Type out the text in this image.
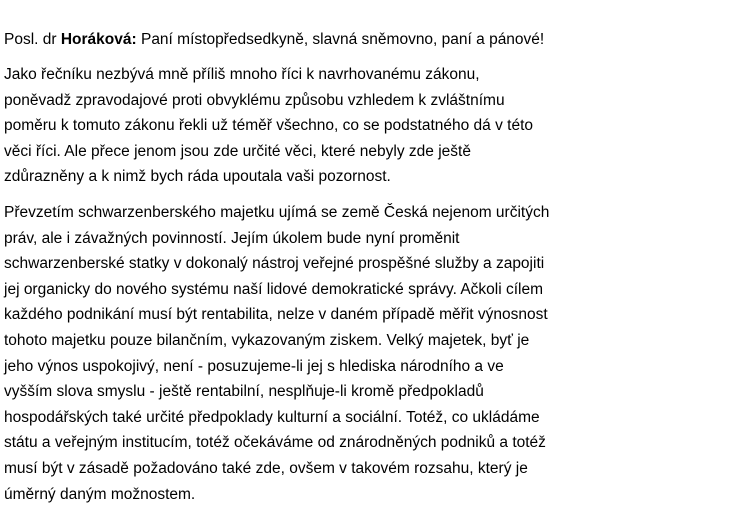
Posl. dr Horáková: Paní místopředsedkyně, slavná sněmovno, paní a pánové!

Jako řečníku nezbývá mně příliš mnoho říci k navrhovanému zákonu,
poněvadž zpravodajové proti obvyklému způsobu vzhledem k zvláštnímu
poměru k tomuto zákonu řekli už téměř všechno, co se podstatného dá v této
věci říci. Ale přece jenom jsou zde určité věci, které nebyly zde ještě
zdůrazněny a k nimž bych ráda upoutala vaši pozornost.

Převzetím schwarzenberského majetku ujímá se země Česká nejenom určitých
práv, ale i závažných povinností. Jejím úkolem bude nyní proměnit
schwarzenberské statky v dokonalý nástroj veřejné prospěšné služby a zapojiti
jej organicky do nového systému naší lidové demokratické správy. Ačkoli cílem
každého podnikání musí být rentabilita, nelze v daném případě měřit výnosnost
tohoto majetku pouze bilančním, vykazovaným ziskem. Velký majetek, byť je
jeho výnos uspokojivý, není - posuzujeme-li jej s hlediska národního a ve
vyšším slova smyslu - ještě rentabilní, nesplňuje-li kromě předpokladů
hospodářských také určité předpoklady kulturní a sociální. Totéž, co ukládáme
státu a veřejným institucím, totéž očekáváme od znárodněných podniků a totéž
musí být v zásadě požadováno také zde, ovšem v takovém rozsahu, který je
úměrný daným možnostem.
